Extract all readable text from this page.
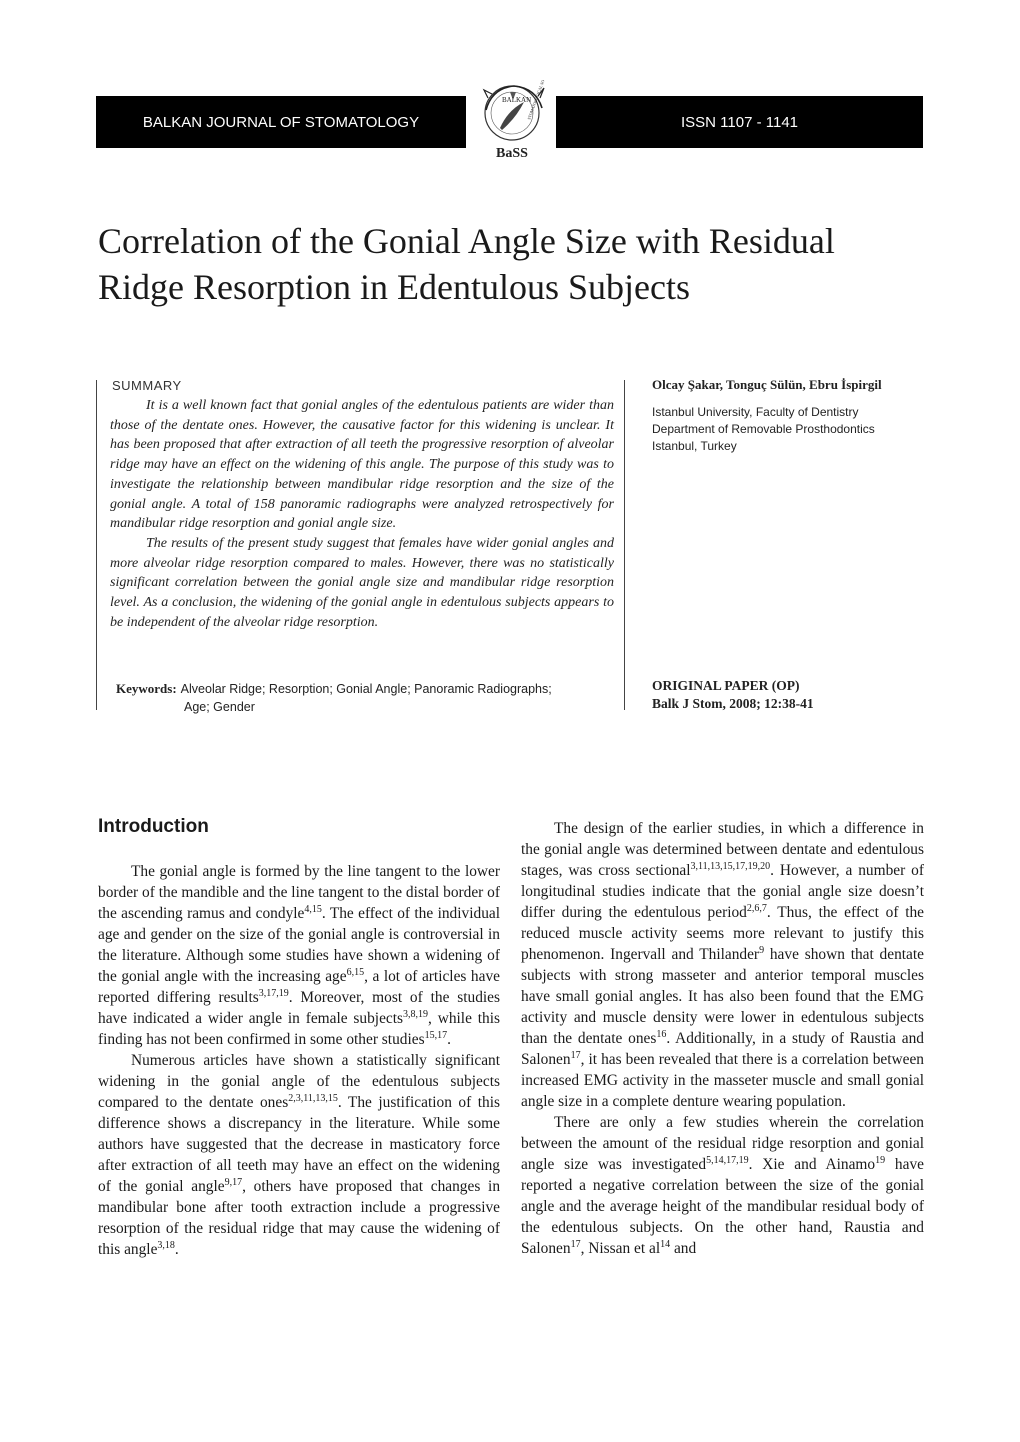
BALKAN JOURNAL OF STOMATOLOGY
BALKAN
STOMATOLOGICAL SOCIETY
BaSS
ISSN 1107 - 1141
Correlation of the Gonial Angle Size with Residual Ridge Resorption in Edentulous Subjects
SUMMARY

It is a well known fact that gonial angles of the edentulous patients are wider than those of the dentate ones. However, the causative factor for this widening is unclear. It has been proposed that after extraction of all teeth the progressive resorption of alveolar ridge may have an effect on the widening of this angle. The purpose of this study was to investigate the relationship between mandibular ridge resorption and the size of the gonial angle. A total of 158 panoramic radiographs were analyzed retrospectively for mandibular ridge resorption and gonial angle size.

The results of the present study suggest that females have wider gonial angles and more alveolar ridge resorption compared to males. However, there was no statistically significant correlation between the gonial angle size and mandibular ridge resorption level. As a conclusion, the widening of the gonial angle in edentulous subjects appears to be independent of the alveolar ridge resorption.

Keywords: Alveolar Ridge; Resorption; Gonial Angle; Panoramic Radiographs;
Age; Gender
Olcay Şakar, Tonguç Sülün, Ebru İspirgil
Istanbul University, Faculty of Dentistry
Department of Removable Prosthodontics
Istanbul, Turkey
ORIGINAL PAPER (OP)
Balk J Stom, 2008; 12:38-41
Introduction

The gonial angle is formed by the line tangent to the lower border of the mandible and the line tangent to the distal border of the ascending ramus and condyle$^{4,15}$. The effect of the individual age and gender on the size of the gonial angle is controversial in the literature. Although some studies have shown a widening of the gonial angle with the increasing age$^{6,15}$, a lot of articles have reported differing results$^{3,17,19}$. Moreover, most of the studies have indicated a wider angle in female subjects$^{3,8,19}$, while this finding has not been confirmed in some other studies$^{15,17}$.

Numerous articles have shown a statistically significant widening in the gonial angle of the edentulous subjects compared to the dentate ones$^{2,3,11,13,15}$. The justification of this difference shows a discrepancy in the literature. While some authors have suggested that the decrease in masticatory force after extraction of all teeth may have an effect on the widening of the gonial angle$^{9,17}$, others have proposed that changes in mandibular bone after tooth extraction include a progressive resorption of the residual ridge that may cause the widening of this angle$^{3,18}$.

The design of the earlier studies, in which a difference in the gonial angle was determined between dentate and edentulous stages, was cross sectional$^{3,11,13,15,17,19,20}$. However, a number of longitudinal studies indicate that the gonial angle size doesn’t differ during the edentulous period$^{2,6,7}$. Thus, the effect of the reduced muscle activity seems more relevant to justify this phenomenon. Ingervall and Thilander$^9$ have shown that dentate subjects with strong masseter and anterior temporal muscles have small gonial angles. It has also been found that the EMG activity and muscle density were lower in edentulous subjects than the dentate ones$^{16}$. Additionally, in a study of Raustia and Salonen$^{17}$, it has been revealed that there is a correlation between increased EMG activity in the masseter muscle and small gonial angle size in a complete denture wearing population.

There are only a few studies wherein the correlation between the amount of the residual ridge resorption and gonial angle size was investigated$^{5,14,17,19}$. Xie and Ainamo$^{19}$ have reported a negative correlation between the size of the gonial angle and the average height of the mandibular residual body of the edentulous subjects. On the other hand, Raustia and Salonen$^{17}$, Nissan et $al^{14}$ and
